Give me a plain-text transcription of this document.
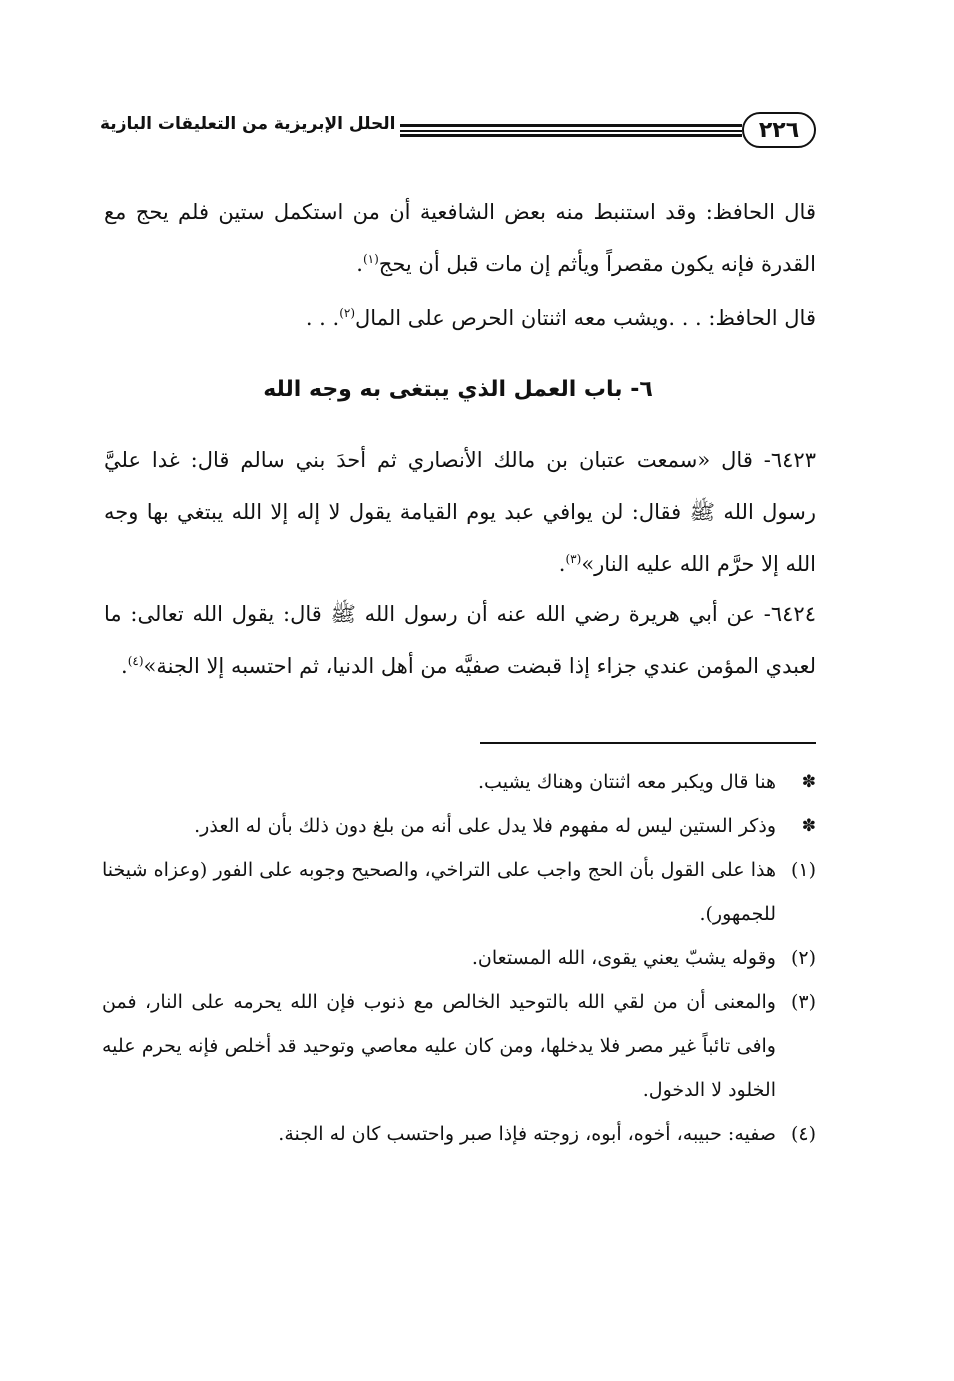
٢٢٦
الحلل الإبريزية من التعليقات البازية
قال الحافظ: وقد استنبط منه بعض الشافعية أن من استكمل ستين فلم يحج مع القدرة فإنه يكون مقصراً ويأثم إن مات قبل أن يحج$^{(١)}$.
قال الحافظ: . . .ويشب معه اثنتان الحرص على المال$^{(٢)}$. . .
٦- باب العمل الذي يبتغى به وجه الله
٦٤٢٣- قال «سمعت عتبان بن مالك الأنصاري ثم أحدَ بني سالم قال: غدا عليَّ رسول الله ﷺ فقال: لن يوافي عبد يوم القيامة يقول لا إله إلا الله يبتغي بها وجه الله إلا حرَّم الله عليه النار»$^{(٣)}$.
٦٤٢٤- عن أبي هريرة رضي الله عنه أن رسول الله ﷺ قال: يقول الله تعالى: ما لعبدي المؤمن عندي جزاء إذا قبضت صفيَّه من أهل الدنيا، ثم احتسبه إلا الجنة»$^{(٤)}$.

✽
هنا قال ويكبر معه اثنتان وهناك يشيب.

✽
وذكر الستين ليس له مفهوم فلا يدل على أنه من بلغ دون ذلك بأن له العذر.

(١)
هذا على القول بأن الحج واجب على التراخي، والصحيح وجوبه على الفور (وعزاه شيخنا للجمهور).

(٢)
وقوله يشبّ يعني يقوى، الله المستعان.

(٣)
والمعنى أن من لقي الله بالتوحيد الخالص مع ذنوب فإن الله يحرمه على النار، فمن وافى تائباً غير مصر فلا يدخلها، ومن كان عليه معاصي وتوحيد قد أخلص فإنه يحرم عليه الخلود لا الدخول.

(٤)
صفيه: حبيبه، أخوه، أبوه، زوجته فإذا صبر واحتسب كان له الجنة.
